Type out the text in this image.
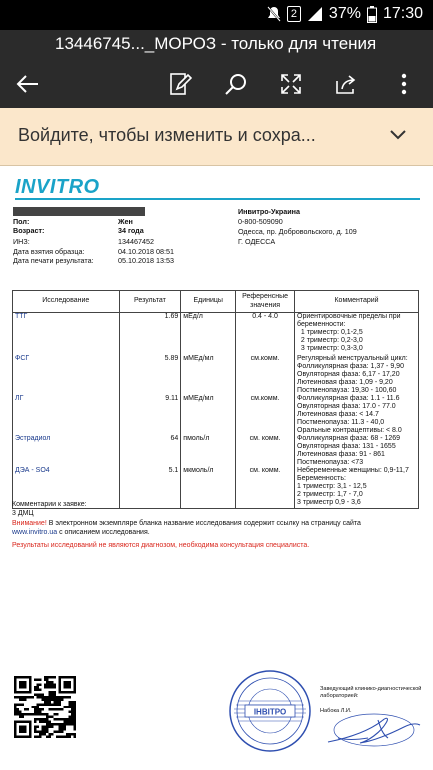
2 37% 17:30
13446745..._МОРОЗ - только для чтения
Войдите, чтобы изменить и сохра...
INVITRO
Пол:	Жен
Возраст:	34 года
ИНЗ:	134467452
Дата взятия образца:	04.10.2018 08:51
Дата печати результата:	05.10.2018 13:53
Инвитро-Украина
0-800-509090
Одесса, пр. Добровольского, д. 109
Г. ОДЕССА
Исследование	Результат	Единицы	Референсные значения	Комментарий
ТТГ	1.69	мЕд/л	0.4 - 4.0	Ориентировочные пределы при
беременности:
1 триместр: 0,1-2,5
2 триместр: 0,2-3,0
3 триместр: 0,3-3,0
ФСГ	5.89	мМЕд/мл	см.комм.	Регулярный менструальный цикл:
Фолликулярная фаза: 1,37 - 9,90
Овуляторная фаза: 6,17 - 17,20
Лютеиновая фаза: 1,09 - 9,20
Постменопауза: 19,30 - 100,60
ЛГ	9.11	мМЕд/мл	см.комм.	Фолликулярная фаза: 1.1 - 11.6
Овуляторная фаза: 17.0 - 77.0
Лютеиновая фаза: < 14.7
Постменопауза: 11.3 - 40,0
Оральные контрацептивы: < 8.0
Эстрадиол	64	пмоль/л	см. комм.	Фолликулярная фаза: 68 - 1269
Овуляторная фаза: 131 - 1655
Лютеиновая фаза: 91 - 861
Постменопауза: <73
ДЭА - SO4	5.1	мкмоль/л	см. комм.	Небеременные женщины: 0,9-11,7
Беременность:
1 триместр: 3,1 - 12,5
2 триместр: 1,7 - 7,0
3 триместр 0,9 - 3,6
Комментарии к заявке:
3 ДМЦ
Внимание! В электронном экземпляре бланка название исследования содержит ссылку на страницу сайта
www.invitro.ua с описанием исследования.
Результаты исследований не являются диагнозом, необходима консультация специалиста.
ІНВІТРО
Заведующий клинико-диагностической лабораторией:
Набока Л.И.
